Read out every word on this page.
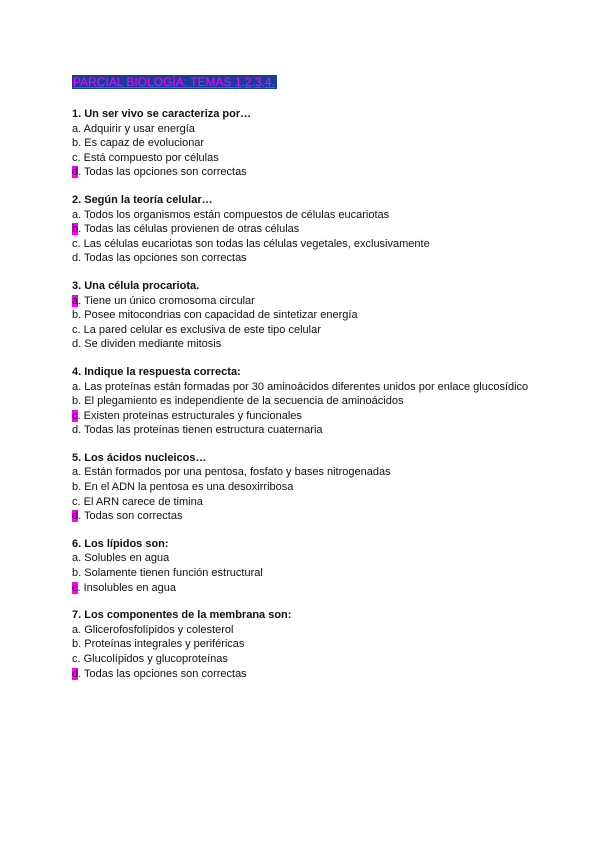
PARCIAL BIOLOGÌA: TEMAS 1,2,3,4.
1. Un ser vivo se caracteriza por…
a. Adquirir y usar energía
b. Es capaz de evolucionar
c. Está compuesto por células
d. Todas las opciones son correctas
2. Según la teoría celular…
a. Todos los organismos están compuestos de células eucariotas
b. Todas las células provienen de otras células
c. Las células eucariotas son todas las células vegetales, exclusivamente
d. Todas las opciones son correctas
3. Una célula procariota.
a. Tiene un único cromosoma circular
b. Posee mitocondrias con capacidad de sintetizar energía
c. La pared celular es exclusiva de este tipo celular
d. Se dividen mediante mitosis
4. Indique la respuesta correcta:
a. Las proteínas están formadas por 30 aminoácidos diferentes unidos por enlace glucosídico
b. El plegamiento es independiente de la secuencia de aminoácidos
c. Existen proteínas estructurales y funcionales
d. Todas las proteínas tienen estructura cuaternaria
5. Los ácidos nucleicos…
a. Están formados por una pentosa, fosfato y bases nitrogenadas
b. En el ADN la pentosa es una desoxirribosa
c. El ARN carece de timina
d. Todas son correctas
6. Los lípidos son:
a. Solubles en agua
b. Solamente tienen función estructural
c. Insolubles en agua
7. Los componentes de la membrana son:
a. Glicerofosfolípidos y colesterol
b. Proteínas integrales y periféricas
c. Glucolípidos y glucoproteínas
d. Todas las opciones son correctas
